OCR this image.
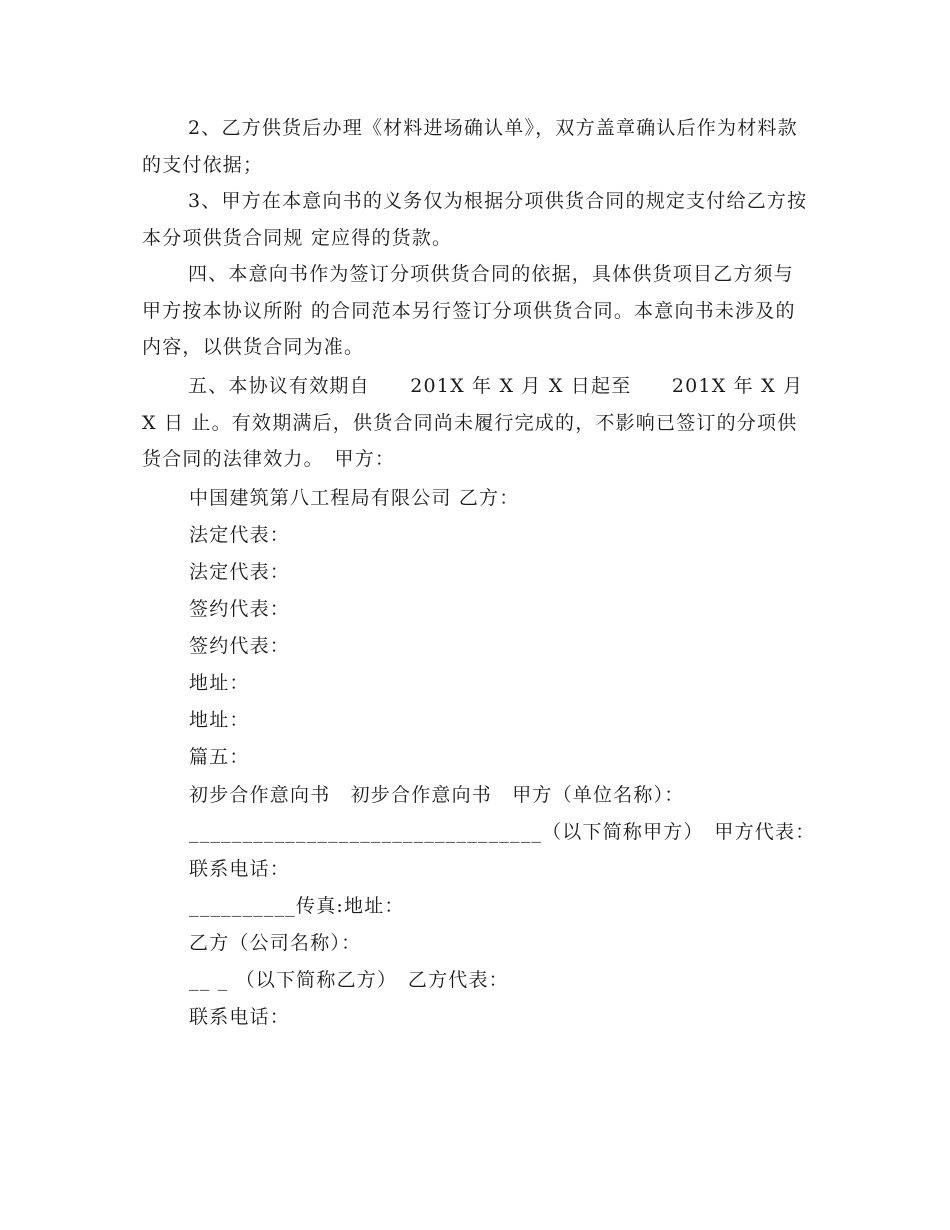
2、乙方供货后办理《材料进场确认单》，双方盖章确认后作为材料款的支付依据；
3、甲方在本意向书的义务仅为根据分项供货合同的规定支付给乙方按本分项供货合同规 定应得的货款。
四、本意向书作为签订分项供货合同的依据，具体供货项目乙方须与甲方按本协议所附 的合同范本另行签订分项供货合同。本意向书未涉及的内容，以供货合同为准。
五、本协议有效期自　　201X 年 X 月 X 日起至　　201X 年 X 月 X 日 止。有效期满后，供货合同尚未履行完成的，不影响已签订的分项供货合同的法律效力。　甲方：
中国建筑第八工程局有限公司 乙方：
法定代表：
法定代表：
签约代表：
签约代表：
地址：
地址：
篇五：
初步合作意向书　初步合作意向书　甲方（单位名称）：
_________________________________（以下简称甲方）　甲方代表：
联系电话：
__________传真:地址：
乙方（公司名称）：
__ _ （以下简称乙方）　乙方代表：
联系电话：
